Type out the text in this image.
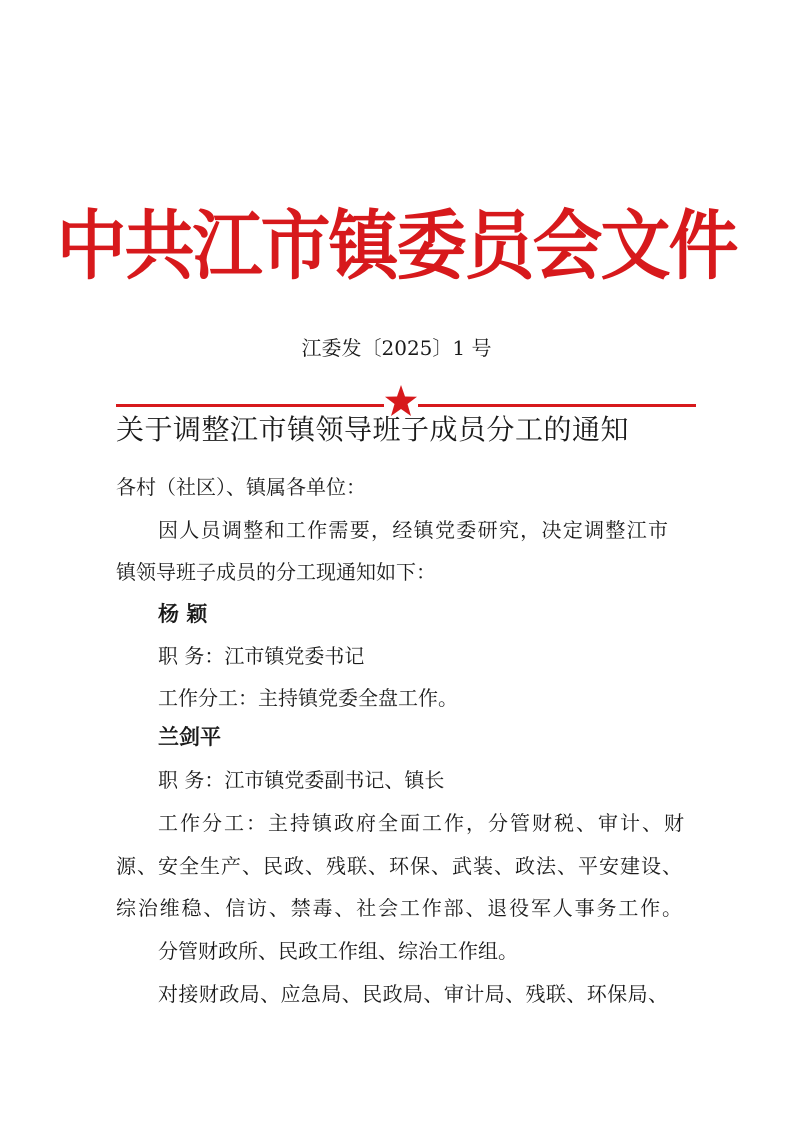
中共江市镇委员会文件
江委发〔2025〕1 号
关于调整江市镇领导班子成员分工的通知
各村（社区）、镇属各单位：
因人员调整和工作需要，经镇党委研究，决定调整江市
镇领导班子成员的分工现通知如下：
杨 颖
职 务：江市镇党委书记
工作分工：主持镇党委全盘工作。
兰剑平
职 务：江市镇党委副书记、镇长
工作分工：主持镇政府全面工作，分管财税、审计、财
源、安全生产、民政、残联、环保、武装、政法、平安建设、
综治维稳、信访、禁毒、社会工作部、退役军人事务工作。
分管财政所、民政工作组、综治工作组。
对接财政局、应急局、民政局、审计局、残联、环保局、
